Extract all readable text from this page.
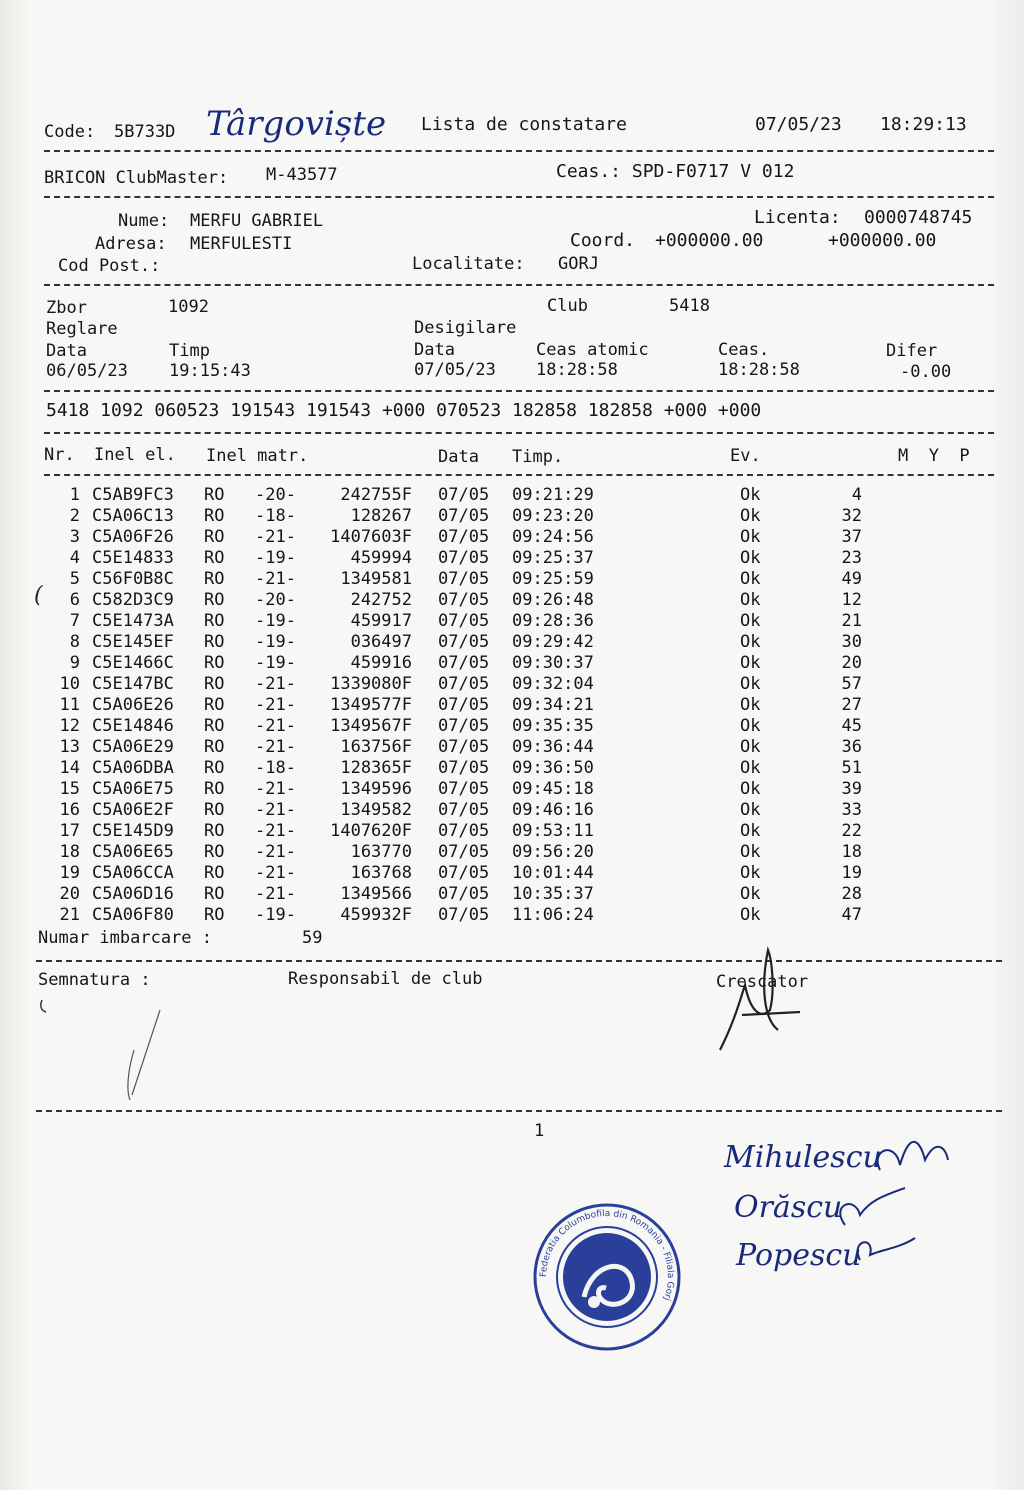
Code: 5B733D Târgoviște Lista de constatare	07/05/23 18:29:13
BRICON ClubMaster: M-43577	Ceas.: SPD-F0717 V 012
Nume: MERFU GABRIEL	Licenta: 0000748745
Adresa: MERFULESTI	Coord. +000000.00	+000000.00
Cod Post.:	Localitate: GORJ
Zbor	1092	Club	5418
Reglare	Desigilare
Data	Timp	Data	Ceas atomic	Ceas.	Difer
06/05/23 19:15:43	07/05/23 18:28:58	18:28:58	-0.00
5418 1092 060523 191543 191543 +000 070523 182858 182858 +000 +000
Nr. Inel el. Inel matr.	Data Timp.	Ev.	M  Y  P
1 C5AB9FC3 RO -20-	242755F 07/05 09:21:29	Ok	4
2 C5A06C13 RO -18-	128267 07/05 09:23:20	Ok	32
3 C5A06F26 RO -21-	1407603F 07/05 09:24:56	Ok	37
4 C5E14833 RO -19-	459994 07/05 09:25:37	Ok	23
5 C56F0B8C RO -21-	1349581 07/05 09:25:59	Ok	49
6 C582D3C9 RO -20-	242752 07/05 09:26:48	Ok	12
7 C5E1473A RO -19-	459917 07/05 09:28:36	Ok	21
8 C5E145EF RO -19-	036497 07/05 09:29:42	Ok	30
9 C5E1466C RO -19-	459916 07/05 09:30:37	Ok	20
10 C5E147BC RO -21-	1339080F 07/05 09:32:04	Ok	57
11 C5A06E26 RO -21-	1349577F 07/05 09:34:21	Ok	27
12 C5E14846 RO -21-	1349567F 07/05 09:35:35	Ok	45
13 C5A06E29 RO -21-	163756F 07/05 09:36:44	Ok	36
14 C5A06DBA RO -18-	128365F 07/05 09:36:50	Ok	51
15 C5A06E75 RO -21-	1349596 07/05 09:45:18	Ok	39
16 C5A06E2F RO -21-	1349582 07/05 09:46:16	Ok	33
17 C5E145D9 RO -21-	1407620F 07/05 09:53:11	Ok	22
18 C5A06E65 RO -21-	163770 07/05 09:56:20	Ok	18
19 C5A06CCA RO -21-	163768 07/05 10:01:44	Ok	19
20 C5A06D16 RO -21-	1349566 07/05 10:35:37	Ok	28
21 C5A06F80 RO -19-	459932F 07/05 11:06:24	Ok	47
(
Numar imbarcare :	59
Semnatura :	Responsabil de club	Crescator
1
Mihulescu
Orăscu
Popescu
Federatia Columbofila din Romania - Filiala Gorj
